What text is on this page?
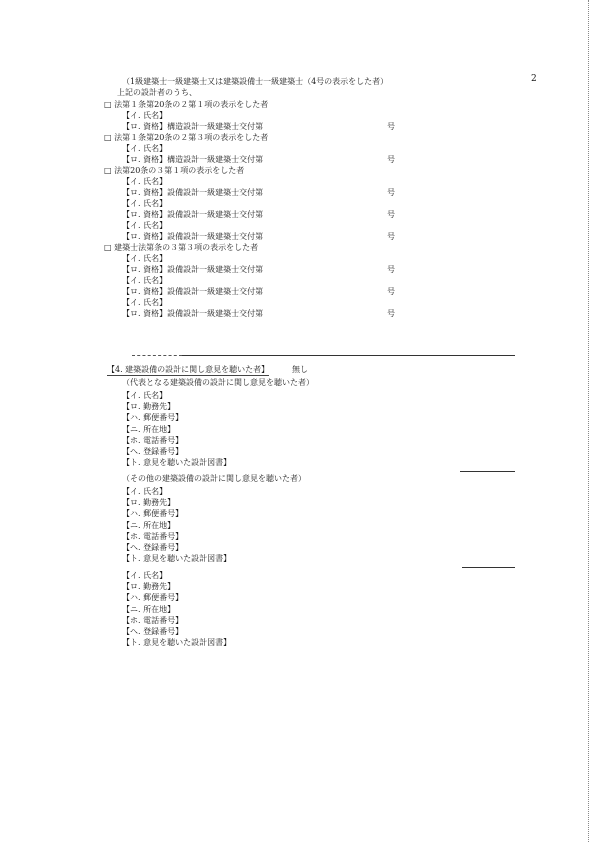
2
（1級建築士一級建築士又は建築設備士一級建築士（4号の表示をした者）
上記の設計者のうち、
□ 法第１条第20条の２第１項の表示をした者
【イ. 氏名】
【ロ. 資格】構造設計一級建築士交付第	号
□ 法第１条第20条の２第３項の表示をした者
【イ. 氏名】
【ロ. 資格】構造設計一級建築士交付第	号
□ 法第20条の３第１項の表示をした者
【イ. 氏名】
【ロ. 資格】設備設計一級建築士交付第	号
【イ. 氏名】
【ロ. 資格】設備設計一級建築士交付第	号
【イ. 氏名】
【ロ. 資格】設備設計一級建築士交付第	号
□ 建築士法第条の３第３項の表示をした者
【イ. 氏名】
【ロ. 資格】設備設計一級建築士交付第	号
【イ. 氏名】
【ロ. 資格】設備設計一級建築士交付第	号
【イ. 氏名】
【ロ. 資格】設備設計一級建築士交付第	号
【4. 建築設備の設計に関し意見を聴いた者】	無し
（代表となる建築設備の設計に関し意見を聴いた者）
【イ. 氏名】
【ロ. 勤務先】
【ハ. 郵便番号】
【ニ. 所在地】
【ホ. 電話番号】
【ヘ. 登録番号】
【ト. 意見を聴いた設計図書】
（その他の建築設備の設計に関し意見を聴いた者）
【イ. 氏名】
【ロ. 勤務先】
【ハ. 郵便番号】
【ニ. 所在地】
【ホ. 電話番号】
【ヘ. 登録番号】
【ト. 意見を聴いた設計図書】
【イ. 氏名】
【ロ. 勤務先】
【ハ. 郵便番号】
【ニ. 所在地】
【ホ. 電話番号】
【ヘ. 登録番号】
【ト. 意見を聴いた設計図書】
